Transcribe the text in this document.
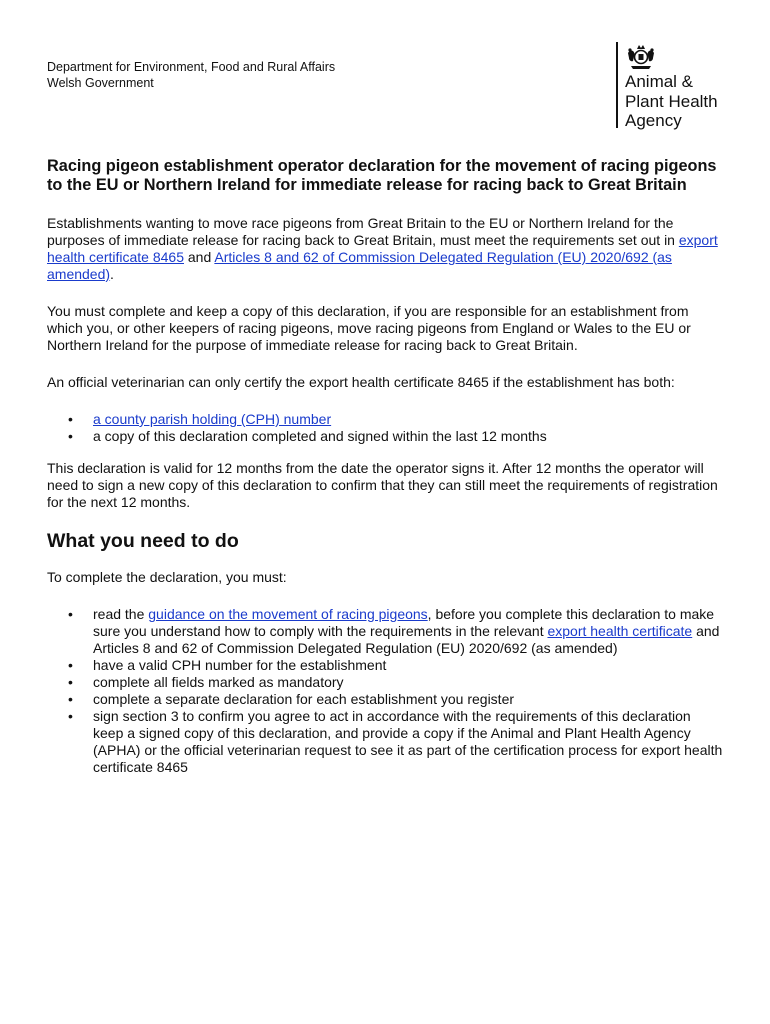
Department for Environment, Food and Rural Affairs
Welsh Government	Animal &
Plant Health
Agency
Racing pigeon establishment operator declaration for the movement of racing pigeons to the EU or Northern Ireland for immediate release for racing back to Great Britain

Establishments wanting to move race pigeons from Great Britain to the EU or Northern Ireland for the purposes of immediate release for racing back to Great Britain, must meet the requirements set out in export health certificate 8465 and Articles 8 and 62 of Commission Delegated Regulation (EU) 2020/692 (as amended).

You must complete and keep a copy of this declaration, if you are responsible for an establishment from which you, or other keepers of racing pigeons, move racing pigeons from England or Wales to the EU or Northern Ireland for the purpose of immediate release for racing back to Great Britain.

An official veterinarian can only certify the export health certificate 8465 if the establishment has both:

• a county parish holding (CPH) number
• a copy of this declaration completed and signed within the last 12 months

This declaration is valid for 12 months from the date the operator signs it. After 12 months the operator will need to sign a new copy of this declaration to confirm that they can still meet the requirements of registration for the next 12 months.

What you need to do

To complete the declaration, you must:

• read the guidance on the movement of racing pigeons, before you complete this declaration to make sure you understand how to comply with the requirements in the relevant export health certificate and Articles 8 and 62 of Commission Delegated Regulation (EU) 2020/692 (as amended)
• have a valid CPH number for the establishment
• complete all fields marked as mandatory
• complete a separate declaration for each establishment you register
• sign section 3 to confirm you agree to act in accordance with the requirements of this declaration
keep a signed copy of this declaration, and provide a copy if the Animal and Plant Health Agency (APHA) or the official veterinarian request to see it as part of the certification process for export health certificate 8465
